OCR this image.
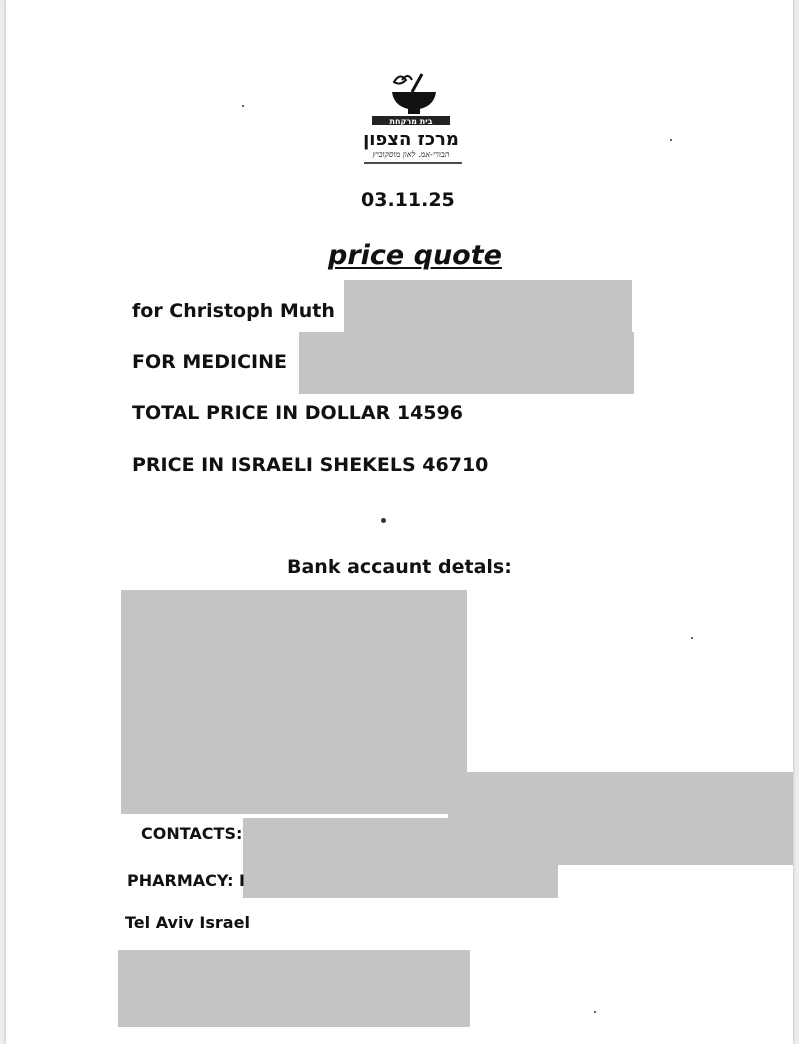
בית מרקחת
מרכז הצפון
תבורי-אמ. לאון מוסקוביץ
03.11.25
price quote
for Christoph Muth
FOR MEDICINE
TOTAL PRICE IN DOLLAR 14596
PRICE IN ISRAELI SHEKELS 46710
Bank accaunt detals:
CONTACTS:
PHARMACY: I
Tel Aviv Israel
